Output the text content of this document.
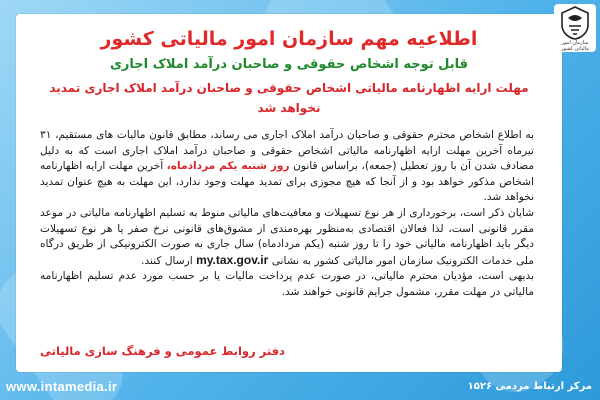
اطلاعیه مهم سازمان امور مالیاتی کشور
قابل توجه اشخاص حقوقی و صاحبان درآمد املاک اجاری
مهلت ارایه اظهارنامه مالیاتی اشخاص حقوقی و صاحبان درآمد املاک اجاری تمدید نخواهد شد

به اطلاع اشخاص محترم حقوقی و صاحبان درآمد املاک اجاری می رساند، مطابق قانون مالیات های مستقیم، ۳۱ تیرماه آخرین مهلت ارایه اظهارنامه مالیاتی اشخاص حقوقی و صاحبان درآمد املاک اجاری است که به دلیل مصادف شدن آن با روز تعطیل (جمعه)، براساس قانون روز شنبه یکم مردادماه، آخرین مهلت ارایه اظهارنامه اشخاص مذکور خواهد بود و از آنجا که هیچ مجوزی برای تمدید مهلت وجود ندارد، این مهلت به هیچ عنوان تمدید نخواهد شد.

شایان ذکر است، برخورداری از هر نوع تسهیلات و معافیت‌های مالیاتی منوط به تسلیم اظهارنامه مالیاتی در موعد مقرر قانونی است، لذا فعالان اقتصادی به‌منظور بهره‌مندی از مشوق‌های قانونی نرخ صفر یا هر نوع تسهیلات دیگر باید اظهارنامه مالیاتی خود را تا روز شنبه (یکم مردادماه) سال جاری به صورت الکترونیکی از طریق درگاه ملی خدمات الکترونیک سازمان امور مالیاتی کشور به نشانی my.tax.gov.ir ارسال کنند.

بدیهی است، مؤدیان محترم مالیاتی، در صورت عدم پرداخت مالیات یا بر حسب مورد عدم تسلیم اظهارنامه مالیاتی در مهلت مقرر، مشمول جرایم قانونی خواهند شد.

دفتر روابط عمومی و فرهنگ سازی مالیاتی
سازمان امور مالیاتی کشور
www.intamedia.ir	مرکز ارتباط مردمی ۱۵۲۶
